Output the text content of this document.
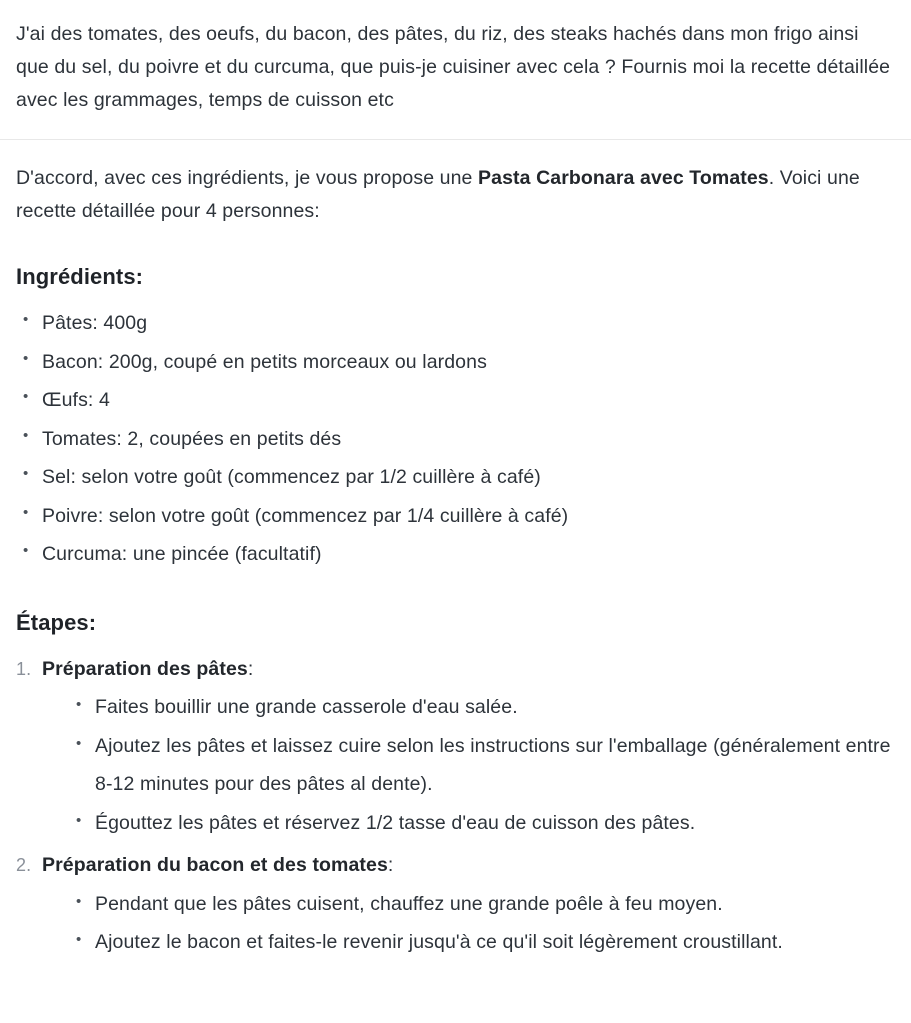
J'ai des tomates, des oeufs, du bacon, des pâtes, du riz, des steaks hachés dans mon frigo ainsi que du sel, du poivre et du curcuma, que puis-je cuisiner avec cela ? Fournis moi la recette détaillée avec les grammages, temps de cuisson etc

D'accord, avec ces ingrédients, je vous propose une Pasta Carbonara avec Tomates. Voici une recette détaillée pour 4 personnes:

Ingrédients:
• Pâtes: 400g
• Bacon: 200g, coupé en petits morceaux ou lardons
• Œufs: 4
• Tomates: 2, coupées en petits dés
• Sel: selon votre goût (commencez par 1/2 cuillère à café)
• Poivre: selon votre goût (commencez par 1/4 cuillère à café)
• Curcuma: une pincée (facultatif)
Étapes:
Préparation des pâtes:
• Faites bouillir une grande casserole d'eau salée.
• Ajoutez les pâtes et laissez cuire selon les instructions sur l'emballage (généralement entre 8-12 minutes pour des pâtes al dente).
• Égouttez les pâtes et réservez 1/2 tasse d'eau de cuisson des pâtes.
Préparation du bacon et des tomates:
• Pendant que les pâtes cuisent, chauffez une grande poêle à feu moyen.
• Ajoutez le bacon et faites-le revenir jusqu'à ce qu'il soit légèrement croustillant.
